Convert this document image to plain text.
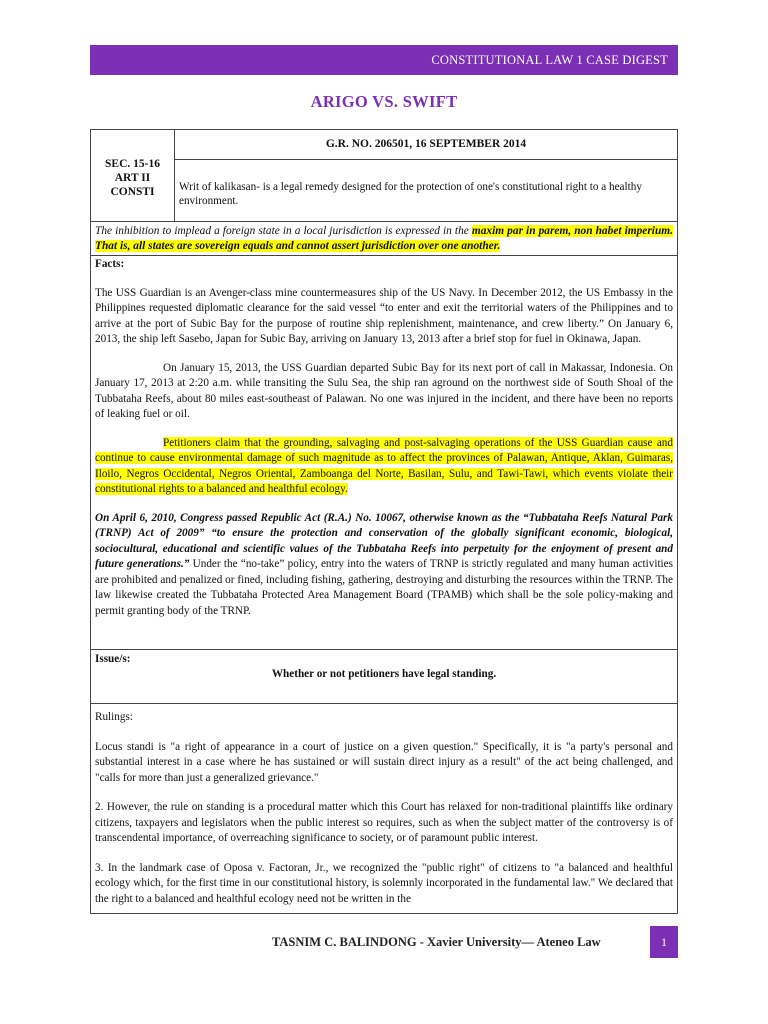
CONSTITUTIONAL LAW 1 CASE DIGEST
ARIGO VS. SWIFT
SEC. 15-16
ART II
CONSTI
G.R. NO. 206501, 16 SEPTEMBER 2014
Writ of kalikasan- is a legal remedy designed for the protection of one's constitutional right to a healthy environment.
The inhibition to implead a foreign state in a local jurisdiction is expressed in the maxim par in parem, non habet imperium. That is, all states are sovereign equals and cannot assert jurisdiction over one another.

Facts:

The USS Guardian is an Avenger-class mine countermeasures ship of the US Navy. In December 2012, the US Embassy in the Philippines requested diplomatic clearance for the said vessel “to enter and exit the territorial waters of the Philippines and to arrive at the port of Subic Bay for the purpose of routine ship replenishment, maintenance, and crew liberty.” On January 6, 2013, the ship left Sasebo, Japan for Subic Bay, arriving on January 13, 2013 after a brief stop for fuel in Okinawa, Japan.

On January 15, 2013, the USS Guardian departed Subic Bay for its next port of call in Makassar, Indonesia. On January 17, 2013 at 2:20 a.m. while transiting the Sulu Sea, the ship ran aground on the northwest side of South Shoal of the Tubbataha Reefs, about 80 miles east-southeast of Palawan. No one was injured in the incident, and there have been no reports of leaking fuel or oil.

Petitioners claim that the grounding, salvaging and post-salvaging operations of the USS Guardian cause and continue to cause environmental damage of such magnitude as to affect the provinces of Palawan, Antique, Aklan, Guimaras, Iloilo, Negros Occidental, Negros Oriental, Zamboanga del Norte, Basilan, Sulu, and Tawi-Tawi, which events violate their constitutional rights to a balanced and healthful ecology.

On April 6, 2010, Congress passed Republic Act (R.A.) No. 10067, otherwise known as the “Tubbataha Reefs Natural Park (TRNP) Act of 2009” “to ensure the protection and conservation of the globally significant economic, biological, sociocultural, educational and scientific values of the Tubbataha Reefs into perpetuity for the enjoyment of present and future generations.” Under the “no-take” policy, entry into the waters of TRNP is strictly regulated and many human activities are prohibited and penalized or fined, including fishing, gathering, destroying and disturbing the resources within the TRNP. The law likewise created the Tubbataha Protected Area Management Board (TPAMB) which shall be the sole policy-making and permit granting body of the TRNP.

Issue/s:
Whether or not petitioners have legal standing.

Rulings:

Locus standi is "a right of appearance in a court of justice on a given question." Specifically, it is "a party's personal and substantial interest in a case where he has sustained or will sustain direct injury as a result" of the act being challenged, and "calls for more than just a generalized grievance."

2. However, the rule on standing is a procedural matter which this Court has relaxed for non-traditional plaintiffs like ordinary citizens, taxpayers and legislators when the public interest so requires, such as when the subject matter of the controversy is of transcendental importance, of overreaching significance to society, or of paramount public interest.

3. In the landmark case of Oposa v. Factoran, Jr., we recognized the "public right" of citizens to "a balanced and healthful ecology which, for the first time in our constitutional history, is solemnly incorporated in the fundamental law." We declared that the right to a balanced and healthful ecology need not be written in the

TASNIM C. BALINDONG - Xavier University— Ateneo Law	1
